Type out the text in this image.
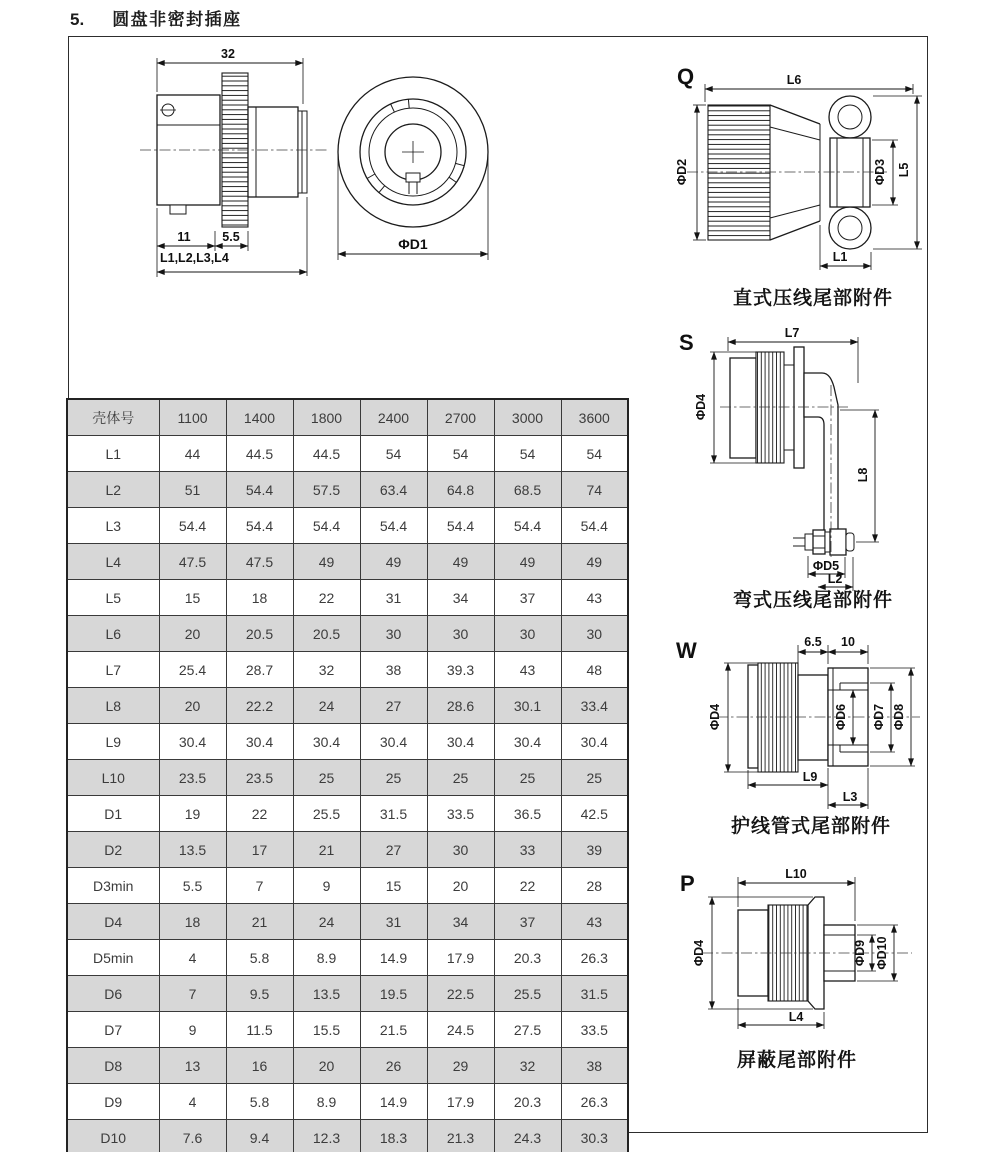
5. 圆盘非密封插座
32
11	5.5
L1,L2,L3,L4
ΦD1
L6
ΦD2	ΦD3 L5
L1
L7
ΦD4
L8
ΦD5
L2
6.5 10
ΦD4	ΦD6 ΦD7 ΦD8
L9
L3
L10
ΦD4	ΦD9 ΦD10
L4
Q
S
W
P
直式压线尾部附件
弯式压线尾部附件
护线管式尾部附件
屏蔽尾部附件
壳体号	1100	1400	1800	2400	2700	3000	3600
L1	44	44.5	44.5	54	54	54	54
L2	51	54.4	57.5	63.4	64.8	68.5	74
L3	54.4	54.4	54.4	54.4	54.4	54.4	54.4
L4	47.5	47.5	49	49	49	49	49
L5	15	18	22	31	34	37	43
L6	20	20.5	20.5	30	30	30	30
L7	25.4	28.7	32	38	39.3	43	48
L8	20	22.2	24	27	28.6	30.1	33.4
L9	30.4	30.4	30.4	30.4	30.4	30.4	30.4
L10	23.5	23.5	25	25	25	25	25
D1	19	22	25.5	31.5	33.5	36.5	42.5
D2	13.5	17	21	27	30	33	39
D3min	5.5	7	9	15	20	22	28
D4	18	21	24	31	34	37	43
D5min	4	5.8	8.9	14.9	17.9	20.3	26.3
D6	7	9.5	13.5	19.5	22.5	25.5	31.5
D7	9	11.5	15.5	21.5	24.5	27.5	33.5
D8	13	16	20	26	29	32	38
D9	4	5.8	8.9	14.9	17.9	20.3	26.3
D10	7.6	9.4	12.3	18.3	21.3	24.3	30.3
